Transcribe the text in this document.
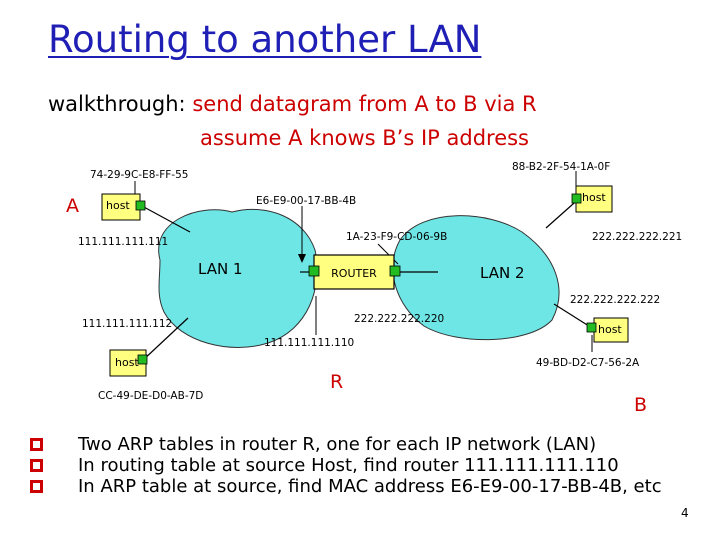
Routing to another LAN
walkthrough: send datagram from A to B via R
assume A knows B’s IP address
ROUTER
host
host
host
host
LAN 1	LAN 2
A
R
B
74-29-9C-E8-FF-55
111.111.111.111
111.111.111.112
CC-49-DE-D0-AB-7D
E6-E9-00-17-BB-4B
111.111.111.110
1A-23-F9-CD-06-9B
222.222.222.220
88-B2-2F-54-1A-0F
222.222.222.221
222.222.222.222
49-BD-D2-C7-56-2A
Two ARP tables in router R, one for each IP network (LAN)
In routing table at source Host, find router 111.111.111.110
In ARP table at source, find MAC address E6-E9-00-17-BB-4B, etc
4
